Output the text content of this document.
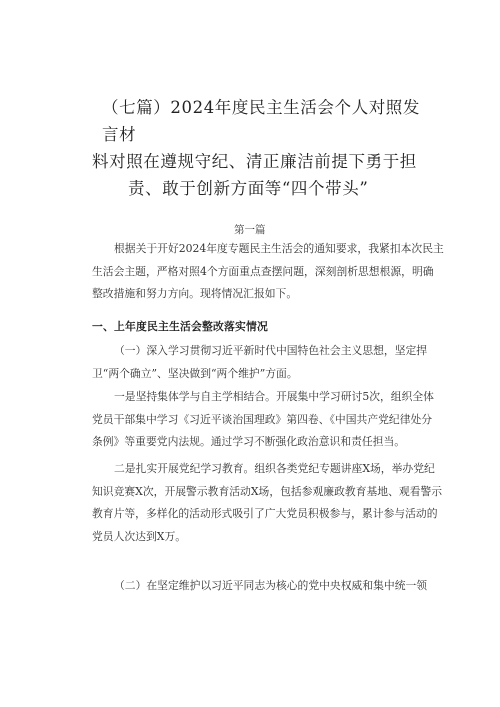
（七篇）2024年度民主生活会个人对照发言材
料对照在遵规守纪、清正廉洁前提下勇于担
责、敢于创新方面等“四个带头”
第一篇
根据关于开好2024年度专题民主生活会的通知要求，我紧扣本次民主
生活会主题，严格对照4个方面重点查摆问题，深刻剖析思想根源，明确
整改措施和努力方向。现将情况汇报如下。
一、上年度民主生活会整改落实情况
（一）深入学习贯彻习近平新时代中国特色社会主义思想，坚定捍
卫“两个确立”、坚决做到“两个维护”方面。
一是坚持集体学与自主学相结合。开展集中学习研讨5次，组织全体
党员干部集中学习《习近平谈治国理政》第四卷、《中国共产党纪律处分
条例》等重要党内法规。通过学习不断强化政治意识和责任担当。
二是扎实开展党纪学习教育。组织各类党纪专题讲座X场，举办党纪
知识竞赛X次，开展警示教育活动X场，包括参观廉政教育基地、观看警示
教育片等，多样化的活动形式吸引了广大党员积极参与，累计参与活动的
党员人次达到X万。
（二）在坚定维护以习近平同志为核心的党中央权威和集中统一领
